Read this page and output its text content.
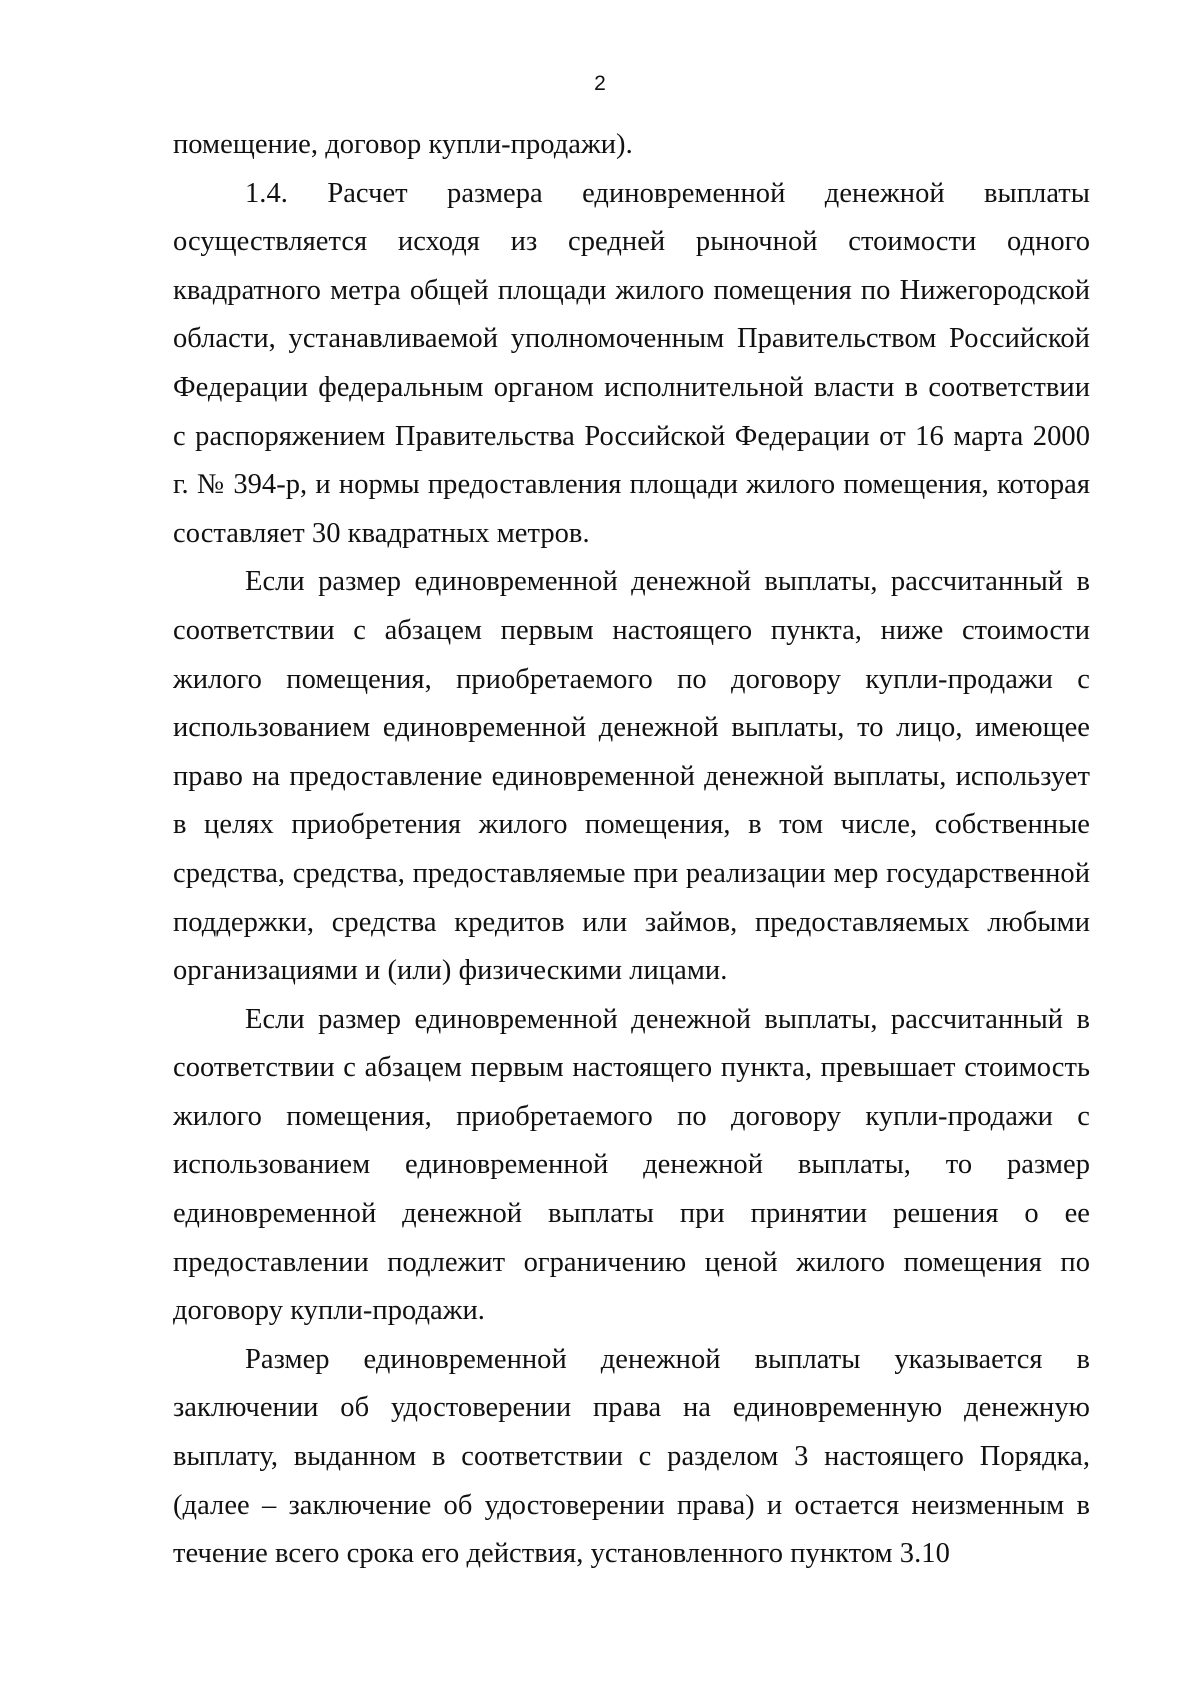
2

помещение, договор купли-продажи).

1.4. Расчет размера единовременной денежной выплаты осуществляется исходя из средней рыночной стоимости одного квадратного метра общей площади жилого помещения по Нижегородской области, устанавливаемой уполномоченным Правительством Российской Федерации федеральным органом исполнительной власти в соответствии с распоряжением Правительства Российской Федерации от 16 марта 2000 г. № 394-р, и нормы предоставления площади жилого помещения, которая составляет 30 квадратных метров.

Если размер единовременной денежной выплаты, рассчитанный в соответствии с абзацем первым настоящего пункта, ниже стоимости жилого помещения, приобретаемого по договору купли-продажи с использованием единовременной денежной выплаты, то лицо, имеющее право на предоставление единовременной денежной выплаты, использует в целях приобретения жилого помещения, в том числе, собственные средства, средства, предоставляемые при реализации мер государственной поддержки, средства кредитов или займов, предоставляемых любыми организациями и (или) физическими лицами.

Если размер единовременной денежной выплаты, рассчитанный в соответствии с абзацем первым настоящего пункта, превышает стоимость жилого помещения, приобретаемого по договору купли-продажи с использованием единовременной денежной выплаты, то размер единовременной денежной выплаты при принятии решения о ее предоставлении подлежит ограничению ценой жилого помещения по договору купли-продажи.

Размер единовременной денежной выплаты указывается в заключении об удостоверении права на единовременную денежную выплату, выданном в соответствии с разделом 3 настоящего Порядка, (далее – заключение об удостоверении права) и остается неизменным в течение всего срока его действия, установленного пунктом 3.10
